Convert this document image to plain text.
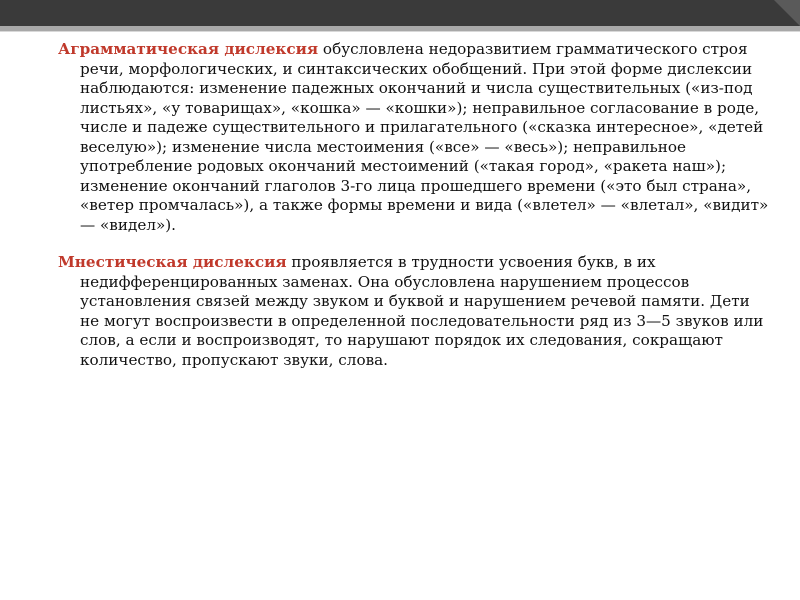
Аграмматическая дислексия обусловлена недоразвитием грамматического строя речи, морфологических, и синтаксических обобщений. При этой форме дислексии наблюдаются: изменение падежных окончаний и числа существительных («из-под листьях», «у товарищах», «кошка» — «кошки»); неправильное согласование в роде, числе и падеже существительного и прилагательного («сказка интересное», «детей веселую»); изменение числа местоимения («все» — «весь»); неправильное употребление родовых окончаний местоимений («такая город», «ракета наш»); изменение окончаний глаголов 3-го лица прошедшего времени («это был страна», «ветер промчалась»), а также формы времени и вида («влетел» — «влетал», «видит» — «видел»).

Мнестическая дислексия проявляется в трудности усвоения букв, в их недифференцированных заменах. Она обусловлена нарушением процессов установления связей между звуком и буквой и нарушением речевой памяти. Дети не могут воспроизвести в определенной последовательности ряд из 3—5 звуков или слов, а если и воспроизводят, то нарушают порядок их следования, сокращают количество, пропускают звуки, слова.
